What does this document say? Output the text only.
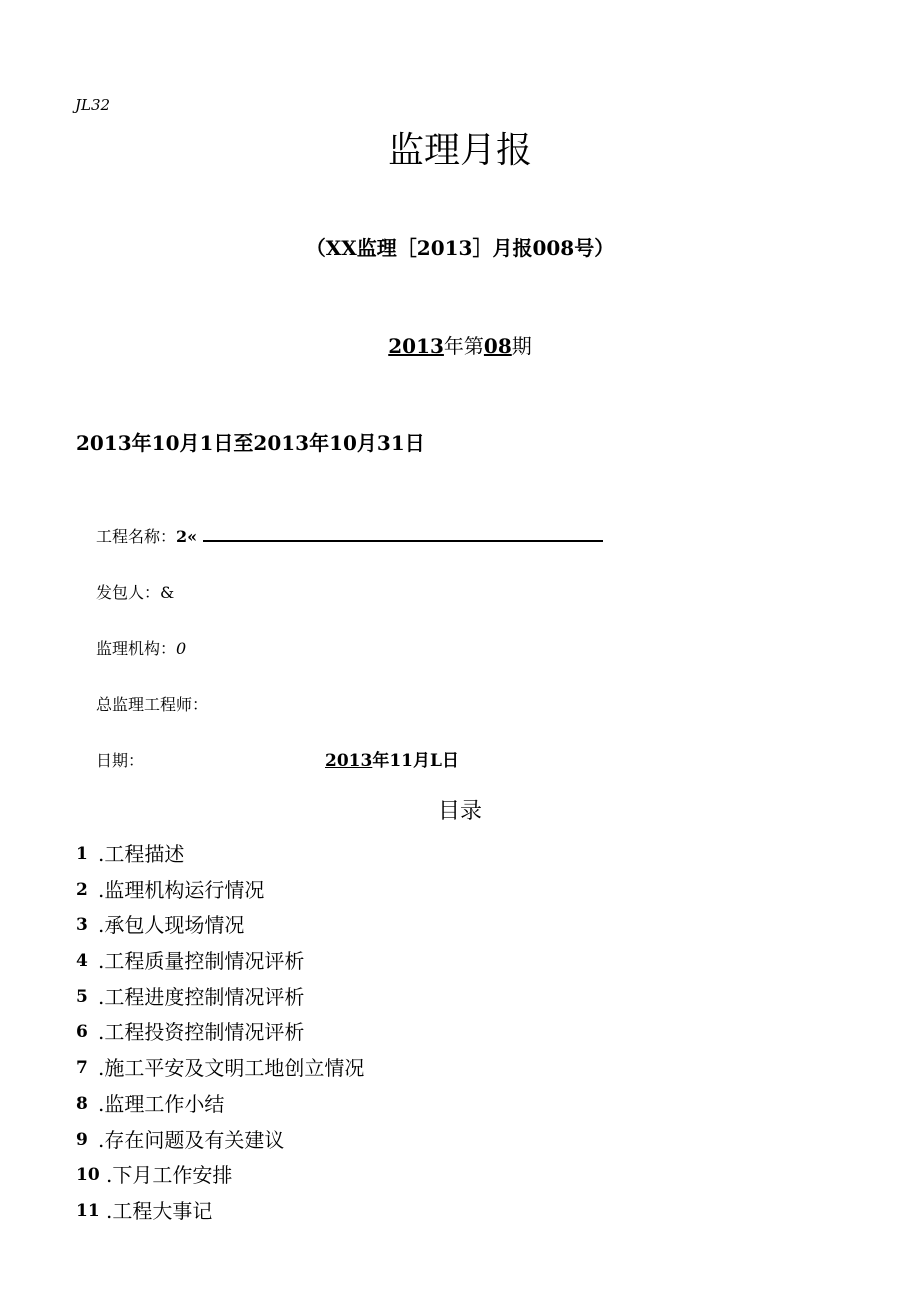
JL32
监理月报
（XX监理［2013］月报008号）
2013年第08期
2013年10月1日至2013年10月31日
工程名称：2«
发包人：&
监理机构：0
总监理工程师：
日期：	2013年11月L日
目录
1 .工程描述
2 .监理机构运行情况
3 .承包人现场情况
4 .工程质量控制情况评析
5 .工程进度控制情况评析
6 .工程投资控制情况评析
7 .施工平安及文明工地创立情况
8 .监理工作小结
9 .存在问题及有关建议
10 .下月工作安排
11 .工程大事记
